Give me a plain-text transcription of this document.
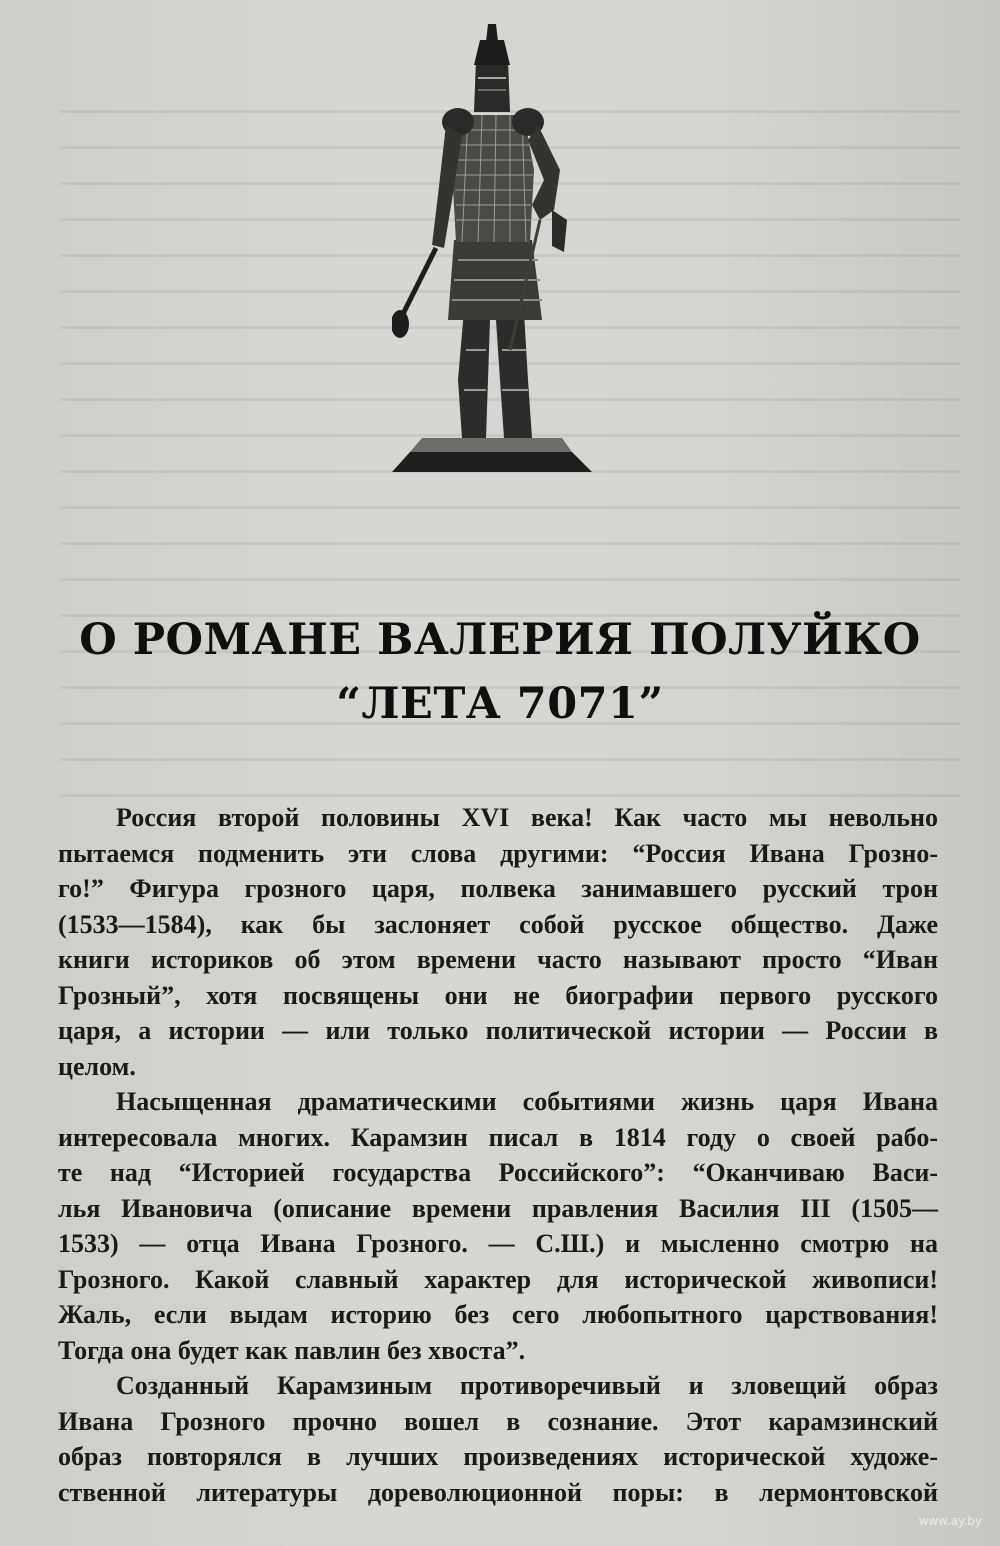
О РОМАНЕ ВАЛЕРИЯ ПОЛУЙКО
“ЛЕТА 7071”
Россия второй половины XVI века! Как часто мы невольно
пытаемся подменить эти слова другими: “Россия Ивана Грозно-
го!” Фигура грозного царя, полвека занимавшего русский трон
(1533—1584), как бы заслоняет собой русское общество. Даже
книги историков об этом времени часто называют просто “Иван
Грозный”, хотя посвящены они не биографии первого русского
царя, а истории — или только политической истории — России в
целом.
Насыщенная драматическими событиями жизнь царя Ивана
интересовала многих. Карамзин писал в 1814 году о своей рабо-
те над “Историей государства Российского”: “Оканчиваю Васи-
лья Ивановича (описание времени правления Василия III (1505—
1533) — отца Ивана Грозного. — С.Ш.) и мысленно смотрю на
Грозного. Какой славный характер для исторической живописи!
Жаль, если выдам историю без сего любопытного царствования!
Тогда она будет как павлин без хвоста”.
Созданный Карамзиным противоречивый и зловещий образ
Ивана Грозного прочно вошел в сознание. Этот карамзинский
образ повторялся в лучших произведениях исторической художе-
ственной литературы дореволюционной поры: в лермонтовской
www.ay.by
